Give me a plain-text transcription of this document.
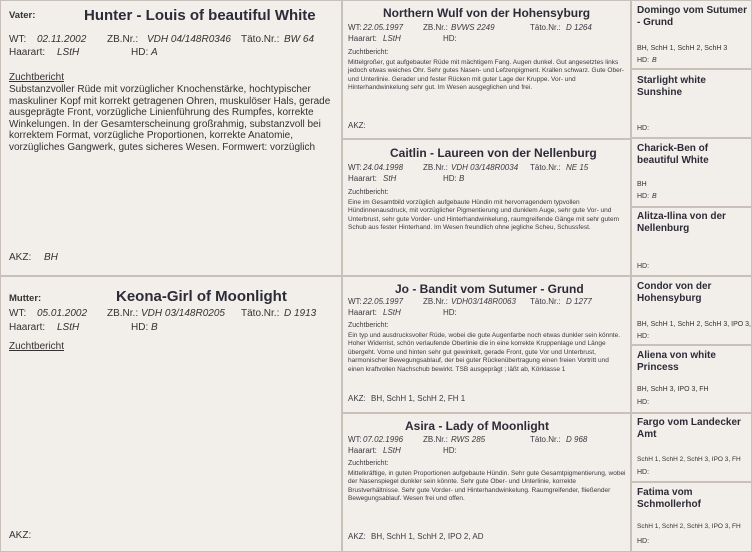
Vater:	Hunter - Louis of beautiful White
WT: 02.11.2002 ZB.Nr.: VDH 04/148R0346 Täto.Nr.: BW 64
Haarart: LStH	HD: A
Zuchtbericht
Substanzvoller Rüde mit vorzüglicher Knochenstärke, hochtypischer maskuliner Kopf mit korrekt getragenen Ohren, muskulöser Hals, gerade ausgeprägte Front, vorzügliche Linienführung des Rumpfes, korrekte Winkelungen. In der Gesamterscheinung großrahmig, substanzvoll bei korrektem Format, vorzügliche Proportionen, korrekte Anatomie, vorzügliches Gangwerk, gutes sicheres Wesen. Formwert: vorzüglich
AKZ: BH
Mutter:	Keona-Girl of Moonlight
WT: 05.01.2002 ZB.Nr.: VDH 03/148R0205 Täto.Nr.: D 1913
Haarart: LStH	HD: B
Zuchtbericht
AKZ:
Northern Wulf von der Hohensyburg
WT: 22.05.1997 ZB.Nr.: BVWS 2249	Täto.Nr.: D 1264
Haarart: LStH	HD:
Zuchtbericht:
Mittelgroßer, gut aufgebauter Rüde mit mächtigem Fang. Augen dunkel. Gut angesetztes links jedoch etwas weiches Ohr. Sehr gutes Nasen- und Lefzenpigment. Krallen schwarz. Gute Ober- und Unterlinie. Gerader und fester Rücken mit guter Lage der Kruppe. Vor- und Hinterhandwinkelung sehr gut. Im Wesen ausgeglichen und frei.
AKZ:
Caitlin - Laureen von der Nellenburg
WT: 24.04.1998 ZB.Nr.: VDH 03/148R0034 Täto.Nr.: NE 15
Haarart: StH	HD: B
Zuchtbericht:
Eine im Gesamtbild vorzüglich aufgebaute Hündin mit hervorragendem typvollen Hündinnenausdruck, mit vorzüglicher Pigmentierung und dunklem Auge, sehr gute Vor- und Unterbrust, sehr gute Vorder- und Hinterhandwinkelung, raumgreifende Gänge mit sehr gutem Schub aus fester Hinterhand. Im Wesen freundlich ohne jegliche Scheu, Schussfest.
Jo - Bandit vom Sutumer - Grund
WT: 22.05.1997 ZB.Nr.: VDH03/148R0063 Täto.Nr.: D 1277
Haarart: LStH	HD:
Zuchtbericht:
Ein typ und ausdrucksvoller Rüde, wobei die gute Augenfarbe noch etwas dunkler sein könnte. Hoher Widerrist, schön verlaufende Oberlinie die in eine korrekte Kruppenlage und Länge übergeht. Vorne und hinten sehr gut gewinkelt, gerade Front, gute Vor und Unterbrust, harmonischer Bewegungsablauf, der bei guter Rückenübertragung einen freien Vortritt und einen kraftvollen Nachschub bewirkt. TSB ausgeprägt ; läßt ab, Körklasse 1
AKZ: BH, SchH 1, SchH 2, FH 1
Asira - Lady of Moonlight
WT: 07.02.1996 ZB.Nr.: RWS 285	Täto.Nr.: D 968
Haarart: LStH	HD:
Zuchtbericht:
Mittelkräftige, in guten Proportionen aufgebaute Hündin. Sehr gute Gesamtpigmentierung, wobei der Nasenspiegel dunkler sein könnte. Sehr gute Ober- und Unterlinie, korrekte Brustverhältnisse. Sehr gute Vorder- und Hinterhandwinkelung. Raumgreifender, fließender Bewegungsablauf. Wesen frei und offen.
AKZ: BH, SchH 1, SchH 2, IPO 2, AD
Domingo vom Sutumer - Grund
BH, SchH 1, SchH 2, SchH 3
HD: B
Starlight white Sunshine
HD:
Charick-Ben of beautiful White
BH
HD: B
Alitza-Ilina von der Nellenburg
HD:
Condor von der Hohensyburg
BH, SchH 1, SchH 2, SchH 3, IPO 3,
HD:
Aliena von white Princess
BH, SchH 3, IPO 3, FH
HD:
Fargo vom Landecker Amt
SchH 1, SchH 2, SchH 3, IPO 3, FH
HD:
Fatima vom Schmollerhof
SchH 1, SchH 2, SchH 3, IPO 3, FH
HD:
